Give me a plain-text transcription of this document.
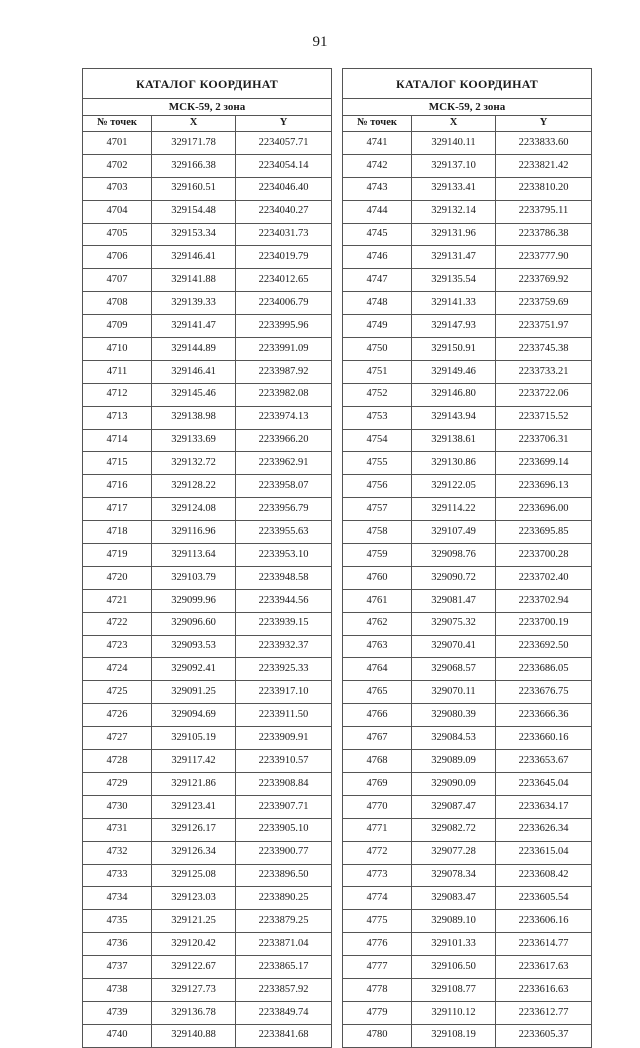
91
КАТАЛОГ КООРДИНАТ		
МСК-59, 2 зона		
№ точек	X	Y
4701	329171.78	2234057.71
4702	329166.38	2234054.14
4703	329160.51	2234046.40
4704	329154.48	2234040.27
4705	329153.34	2234031.73
4706	329146.41	2234019.79
4707	329141.88	2234012.65
4708	329139.33	2234006.79
4709	329141.47	2233995.96
4710	329144.89	2233991.09
4711	329146.41	2233987.92
4712	329145.46	2233982.08
4713	329138.98	2233974.13
4714	329133.69	2233966.20
4715	329132.72	2233962.91
4716	329128.22	2233958.07
4717	329124.08	2233956.79
4718	329116.96	2233955.63
4719	329113.64	2233953.10
4720	329103.79	2233948.58
4721	329099.96	2233944.56
4722	329096.60	2233939.15
4723	329093.53	2233932.37
4724	329092.41	2233925.33
4725	329091.25	2233917.10
4726	329094.69	2233911.50
4727	329105.19	2233909.91
4728	329117.42	2233910.57
4729	329121.86	2233908.84
4730	329123.41	2233907.71
4731	329126.17	2233905.10
4732	329126.34	2233900.77
4733	329125.08	2233896.50
4734	329123.03	2233890.25
4735	329121.25	2233879.25
4736	329120.42	2233871.04
4737	329122.67	2233865.17
4738	329127.73	2233857.92
4739	329136.78	2233849.74
4740	329140.88	2233841.68
КАТАЛОГ КООРДИНАТ		
МСК-59, 2 зона		
№ точек	X	Y
4741	329140.11	2233833.60
4742	329137.10	2233821.42
4743	329133.41	2233810.20
4744	329132.14	2233795.11
4745	329131.96	2233786.38
4746	329131.47	2233777.90
4747	329135.54	2233769.92
4748	329141.33	2233759.69
4749	329147.93	2233751.97
4750	329150.91	2233745.38
4751	329149.46	2233733.21
4752	329146.80	2233722.06
4753	329143.94	2233715.52
4754	329138.61	2233706.31
4755	329130.86	2233699.14
4756	329122.05	2233696.13
4757	329114.22	2233696.00
4758	329107.49	2233695.85
4759	329098.76	2233700.28
4760	329090.72	2233702.40
4761	329081.47	2233702.94
4762	329075.32	2233700.19
4763	329070.41	2233692.50
4764	329068.57	2233686.05
4765	329070.11	2233676.75
4766	329080.39	2233666.36
4767	329084.53	2233660.16
4768	329089.09	2233653.67
4769	329090.09	2233645.04
4770	329087.47	2233634.17
4771	329082.72	2233626.34
4772	329077.28	2233615.04
4773	329078.34	2233608.42
4774	329083.47	2233605.54
4775	329089.10	2233606.16
4776	329101.33	2233614.77
4777	329106.50	2233617.63
4778	329108.77	2233616.63
4779	329110.12	2233612.77
4780	329108.19	2233605.37
